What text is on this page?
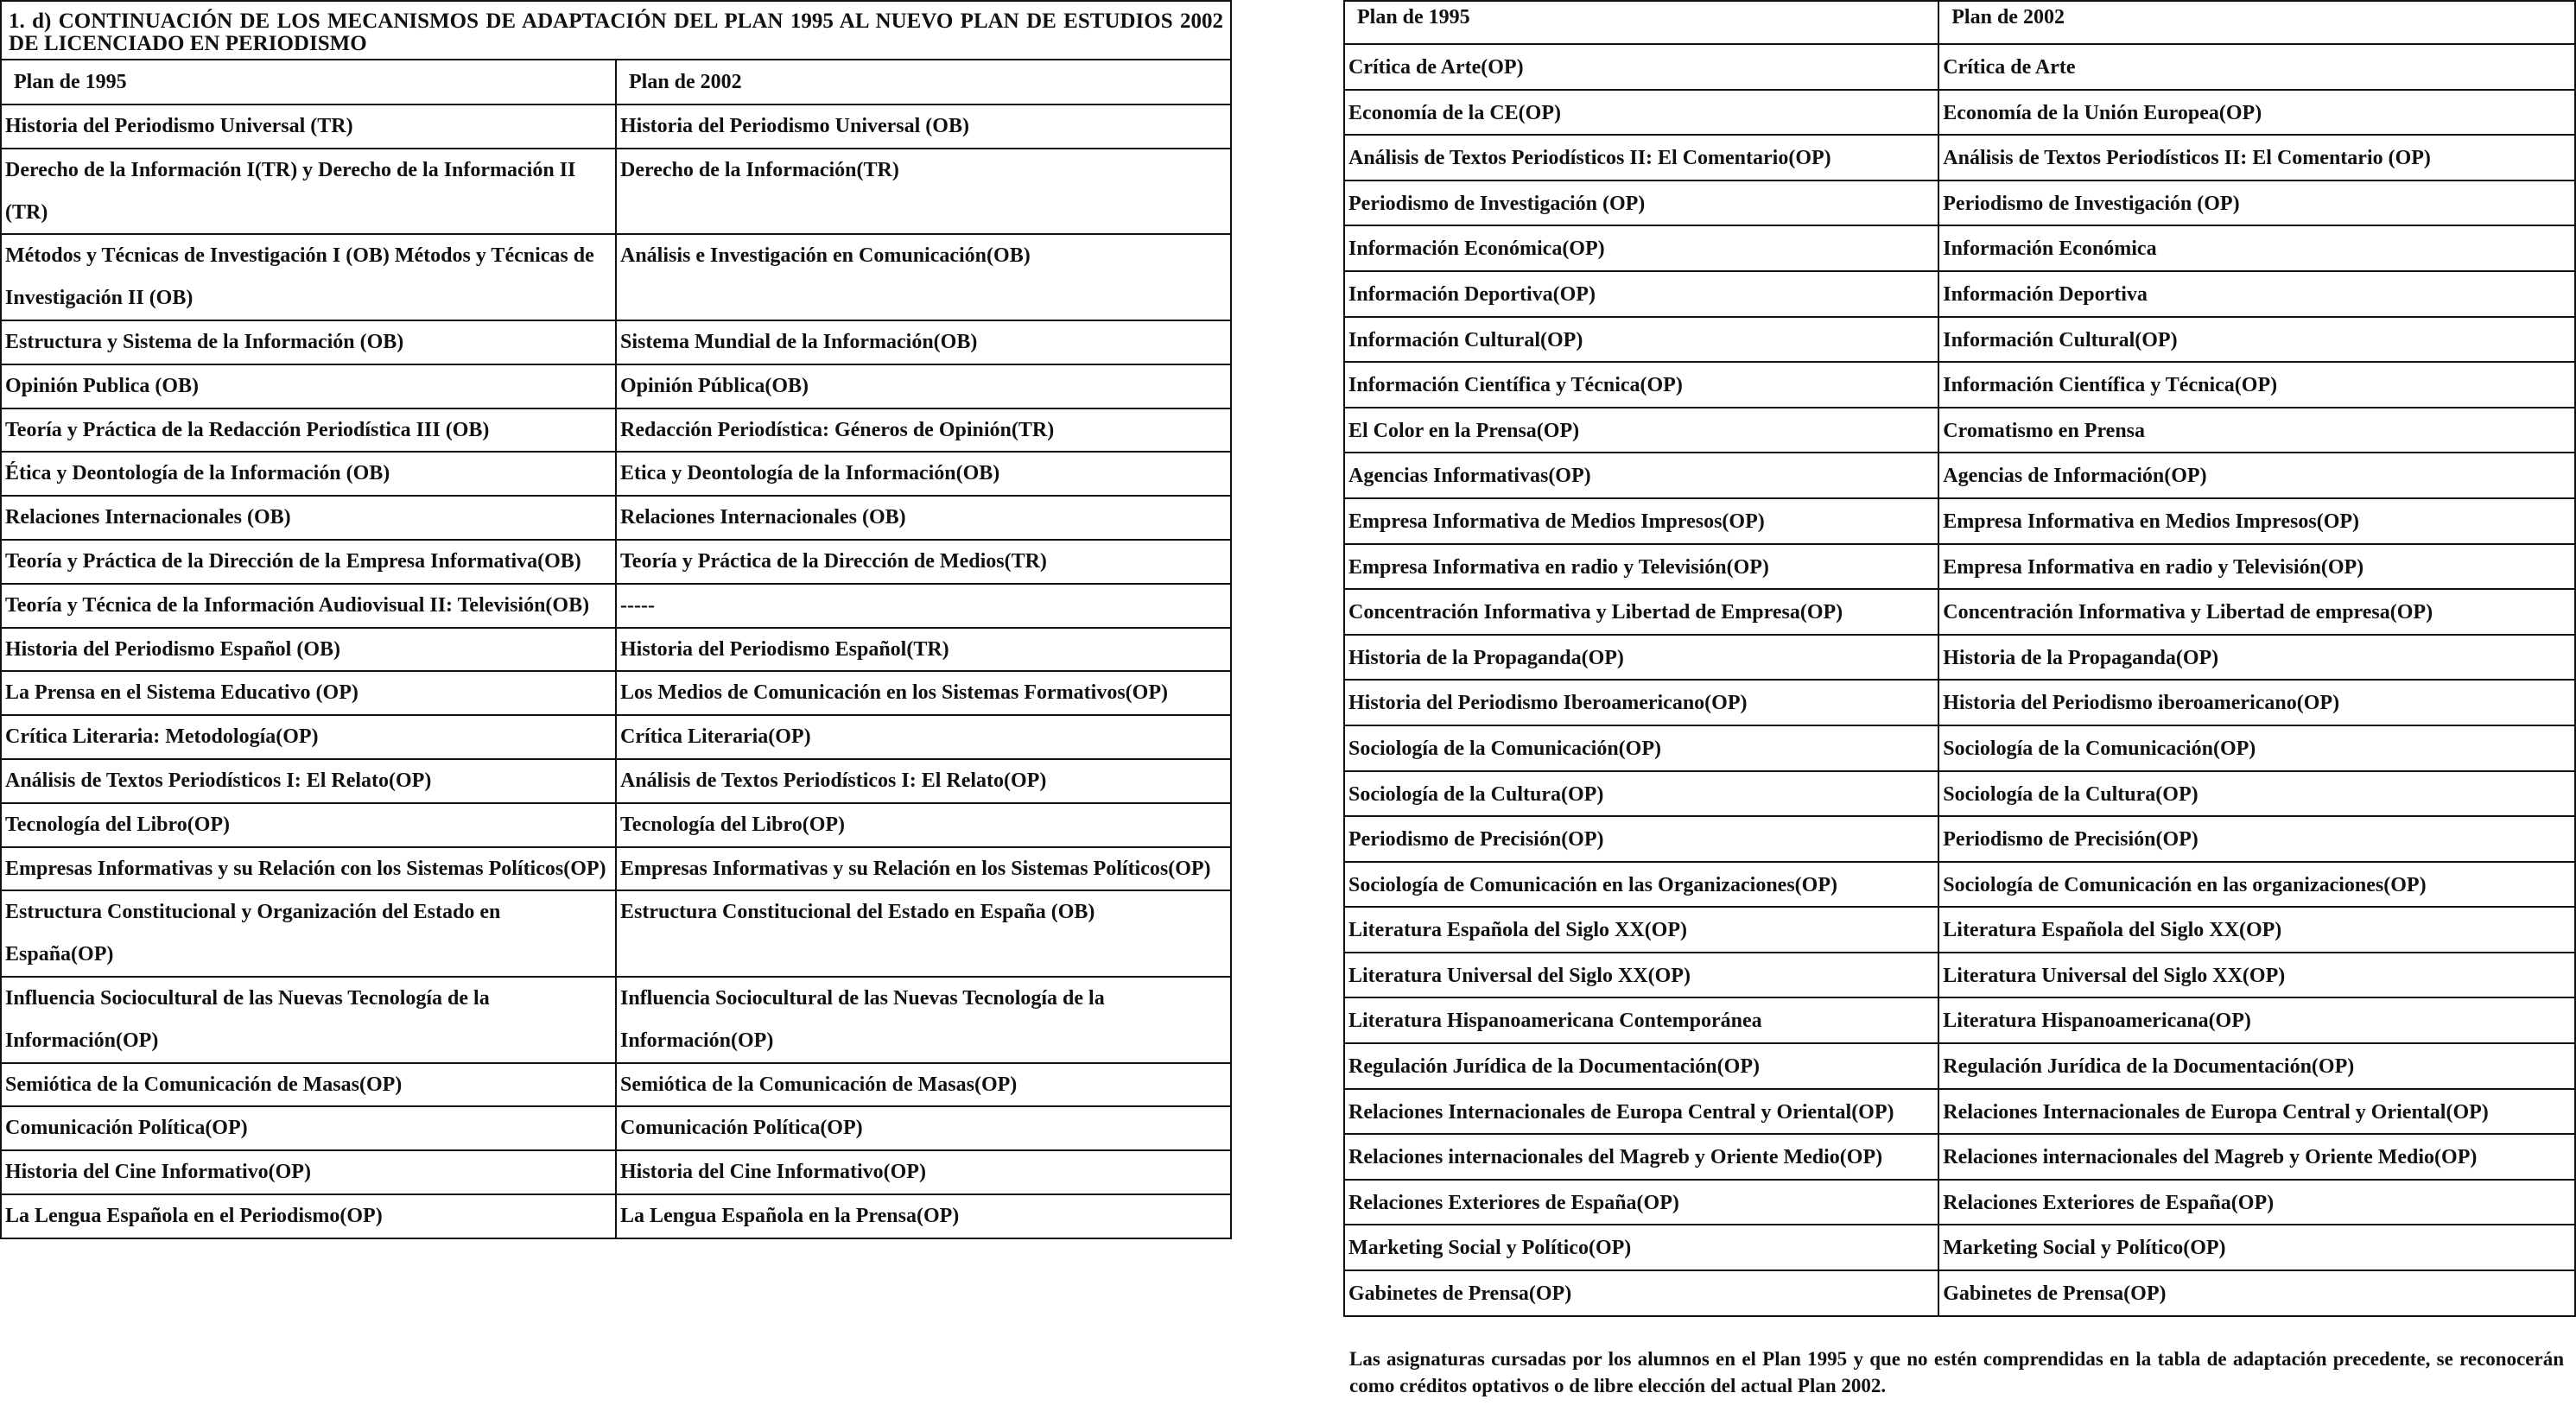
1. d) CONTINUACIÓN DE LOS MECANISMOS DE ADAPTACIÓN DEL PLAN 1995 AL NUEVO PLAN DE ESTUDIOS 2002 DE LICENCIADO EN PERIODISMO
Plan de 1995	Plan de 2002
Historia del Periodismo Universal (TR)	Historia del Periodismo Universal (OB)
Derecho de la Información I(TR) y Derecho de la Información II (TR)	Derecho de la Información(TR)
Métodos y Técnicas de Investigación I (OB) Métodos y Técnicas de Investigación II (OB)	Análisis e Investigación en Comunicación(OB)
Estructura y Sistema de la Información (OB)	Sistema Mundial de la Información(OB)
Opinión Publica (OB)	Opinión Pública(OB)
Teoría y Práctica de la Redacción Periodística III (OB)	Redacción Periodística: Géneros de Opinión(TR)
Ética y Deontología de la Información (OB)	Etica y Deontología de la Información(OB)
Relaciones Internacionales (OB)	Relaciones Internacionales (OB)
Teoría y Práctica de la Dirección de la Empresa Informativa(OB)	Teoría y Práctica de la Dirección de Medios(TR)
Teoría y Técnica de la Información Audiovisual II: Televisión(OB)	-----
Historia del Periodismo Español (OB)	Historia del Periodismo Español(TR)
La Prensa en el Sistema Educativo (OP)	Los Medios de Comunicación en los Sistemas Formativos(OP)
Crítica Literaria: Metodología(OP)	Crítica Literaria(OP)
Análisis de Textos Periodísticos I: El Relato(OP)	Análisis de Textos Periodísticos I: El Relato(OP)
Tecnología del Libro(OP)	Tecnología del Libro(OP)
Empresas Informativas y su Relación con los Sistemas Políticos(OP)	Empresas Informativas y su Relación en los Sistemas Políticos(OP)
Estructura Constitucional y Organización del Estado en España(OP)	Estructura Constitucional del Estado en España (OB)
Influencia Sociocultural de las Nuevas Tecnología de la Información(OP)	Influencia Sociocultural de las Nuevas Tecnología de la Información(OP)
Semiótica de la Comunicación de Masas(OP)	Semiótica de la Comunicación de Masas(OP)
Comunicación Política(OP)	Comunicación Política(OP)
Historia del Cine Informativo(OP)	Historia del Cine Informativo(OP)
La Lengua Española en el Periodismo(OP)	La Lengua Española en la Prensa(OP)
Plan de 1995	Plan de 2002
Crítica de Arte(OP)	Crítica de Arte
Economía de la CE(OP)	Economía de la Unión Europea(OP)
Análisis de Textos Periodísticos II: El Comentario(OP)	Análisis de Textos Periodísticos II: El Comentario (OP)
Periodismo de Investigación (OP)	Periodismo de Investigación (OP)
Información Económica(OP)	Información Económica
Información Deportiva(OP)	Información Deportiva
Información Cultural(OP)	Información Cultural(OP)
Información Científica y Técnica(OP)	Información Científica y Técnica(OP)
El Color en la Prensa(OP)	Cromatismo en Prensa
Agencias Informativas(OP)	Agencias de Información(OP)
Empresa Informativa de Medios Impresos(OP)	Empresa Informativa en Medios Impresos(OP)
Empresa Informativa en radio y Televisión(OP)	Empresa Informativa en radio y Televisión(OP)
Concentración Informativa y Libertad de Empresa(OP)	Concentración Informativa y Libertad de empresa(OP)
Historia de la Propaganda(OP)	Historia de la Propaganda(OP)
Historia del Periodismo Iberoamericano(OP)	Historia del Periodismo iberoamericano(OP)
Sociología de la Comunicación(OP)	Sociología de la Comunicación(OP)
Sociología de la Cultura(OP)	Sociología de la Cultura(OP)
Periodismo de Precisión(OP)	Periodismo de Precisión(OP)
Sociología de Comunicación en las Organizaciones(OP)	Sociología de Comunicación en las organizaciones(OP)
Literatura Española del Siglo XX(OP)	Literatura Española del Siglo XX(OP)
Literatura Universal del Siglo XX(OP)	Literatura Universal del Siglo XX(OP)
Literatura Hispanoamericana Contemporánea	Literatura Hispanoamericana(OP)
Regulación Jurídica de la Documentación(OP)	Regulación Jurídica de la Documentación(OP)
Relaciones Internacionales de Europa Central y Oriental(OP)	Relaciones Internacionales de Europa Central y Oriental(OP)
Relaciones internacionales del Magreb y Oriente Medio(OP)	Relaciones internacionales del Magreb y Oriente Medio(OP)
Relaciones Exteriores de España(OP)	Relaciones Exteriores de España(OP)
Marketing Social y Político(OP)	Marketing Social y Político(OP)
Gabinetes de Prensa(OP)	Gabinetes de Prensa(OP)
Las asignaturas cursadas por los alumnos en el Plan 1995 y que no estén comprendidas en la tabla de adaptación precedente, se reconocerán como créditos optativos o de libre elección del actual Plan 2002.
